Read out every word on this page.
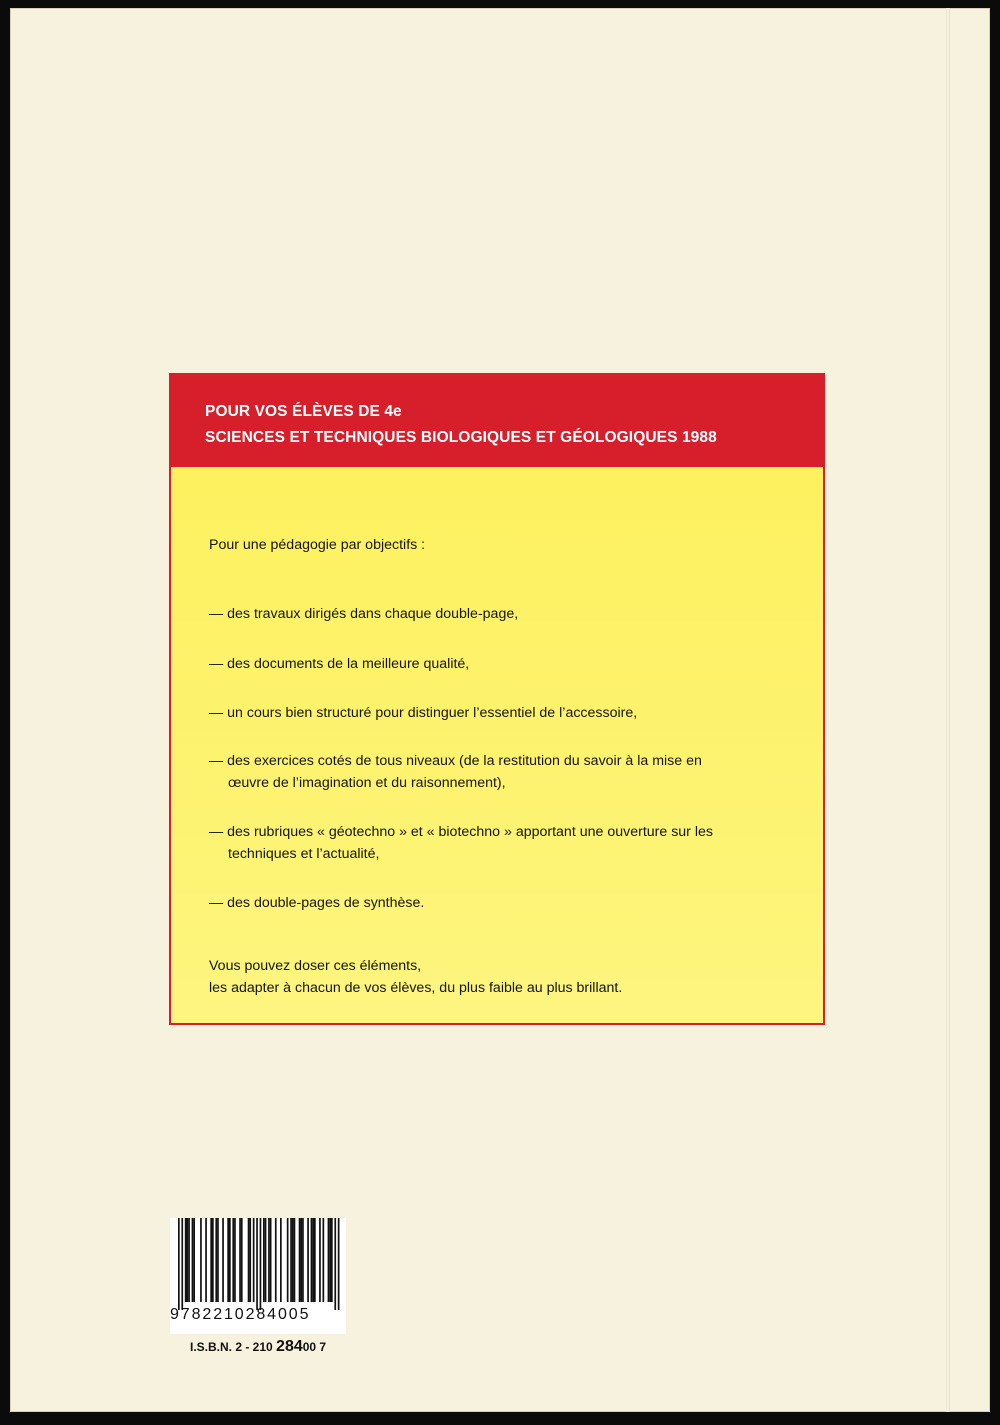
POUR VOS ÉLÈVES DE 4e
SCIENCES ET TECHNIQUES BIOLOGIQUES ET GÉOLOGIQUES 1988
Pour une pédagogie par objectifs :
— des travaux dirigés dans chaque double-page,
— des documents de la meilleure qualité,
— un cours bien structuré pour distinguer l’essentiel de l’accessoire,
— des exercices cotés de tous niveaux (de la restitution du savoir à la mise en
œuvre de l’imagination et du raisonnement),
— des rubriques « géotechno » et « biotechno » apportant une ouverture sur les
techniques et l’actualité,
— des double-pages de synthèse.
Vous pouvez doser ces éléments,
les adapter à chacun de vos élèves, du plus faible au plus brillant.
9782210284005
I.S.B.N. 2 - 210 28400 7
